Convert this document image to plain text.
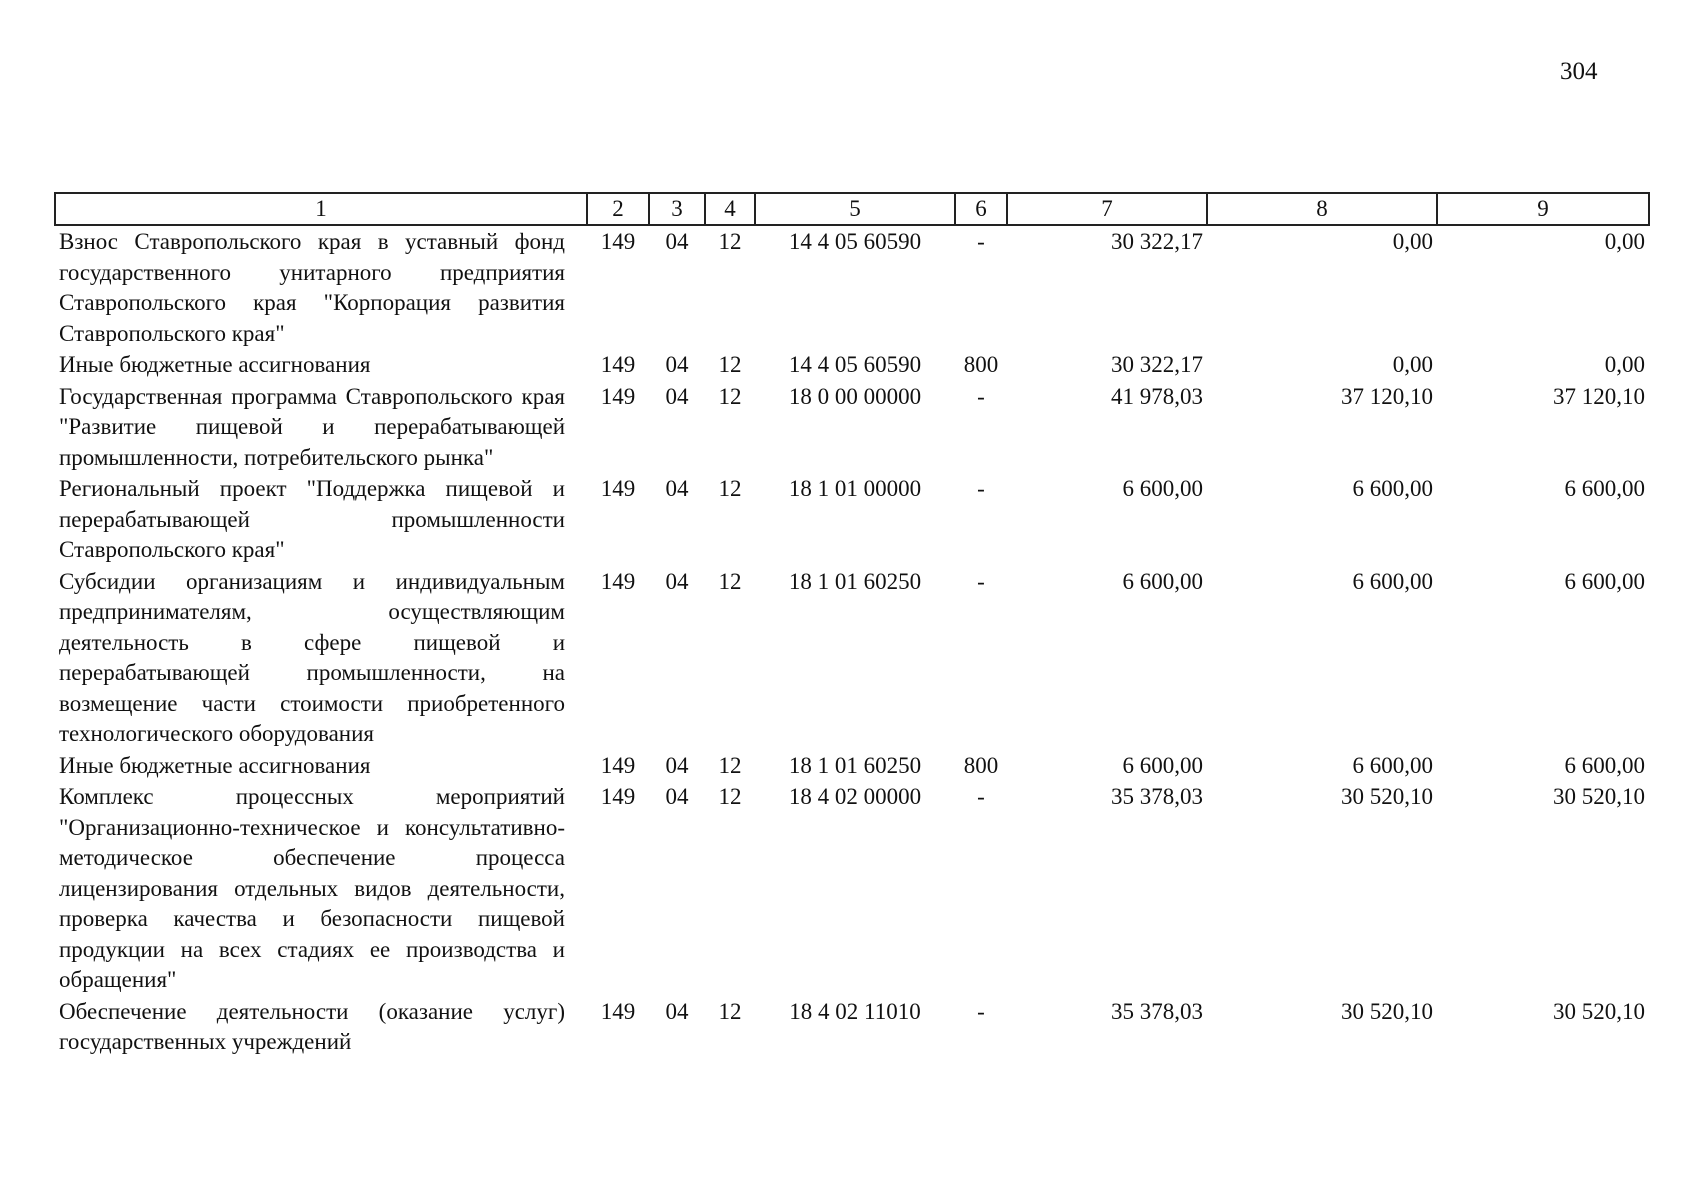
304
1	2	3	4	5	6	7	8	9
Взнос Ставропольского края в уставный фонд государственного унитарного предприятия Ставропольского края "Корпорация развития Ставропольского края"	149	04	12	14 4 05 60590	-	30 322,17	0,00	0,00
Иные бюджетные ассигнования	149	04	12	14 4 05 60590	800	30 322,17	0,00	0,00
Государственная программа Ставропольского края "Развитие пищевой и перерабатывающей промышленности, потребительского рынка"	149	04	12	18 0 00 00000	-	41 978,03	37 120,10	37 120,10
Региональный проект "Поддержка пищевой и перерабатывающей промышленности Ставропольского края"	149	04	12	18 1 01 00000	-	6 600,00	6 600,00	6 600,00
Субсидии организациям и индивидуальным предпринимателям, осуществляющим деятельность в сфере пищевой и перерабатывающей промышленности, на возмещение части стоимости приобретенного технологического оборудования	149	04	12	18 1 01 60250	-	6 600,00	6 600,00	6 600,00
Иные бюджетные ассигнования	149	04	12	18 1 01 60250	800	6 600,00	6 600,00	6 600,00
Комплекс процессных мероприятий "Организационно-техническое и консультативно-методическое обеспечение процесса лицензирования отдельных видов деятельности, проверка качества и безопасности пищевой продукции на всех стадиях ее производства и обращения"	149	04	12	18 4 02 00000	-	35 378,03	30 520,10	30 520,10
Обеспечение деятельности (оказание услуг) государственных учреждений	149	04	12	18 4 02 11010	-	35 378,03	30 520,10	30 520,10
